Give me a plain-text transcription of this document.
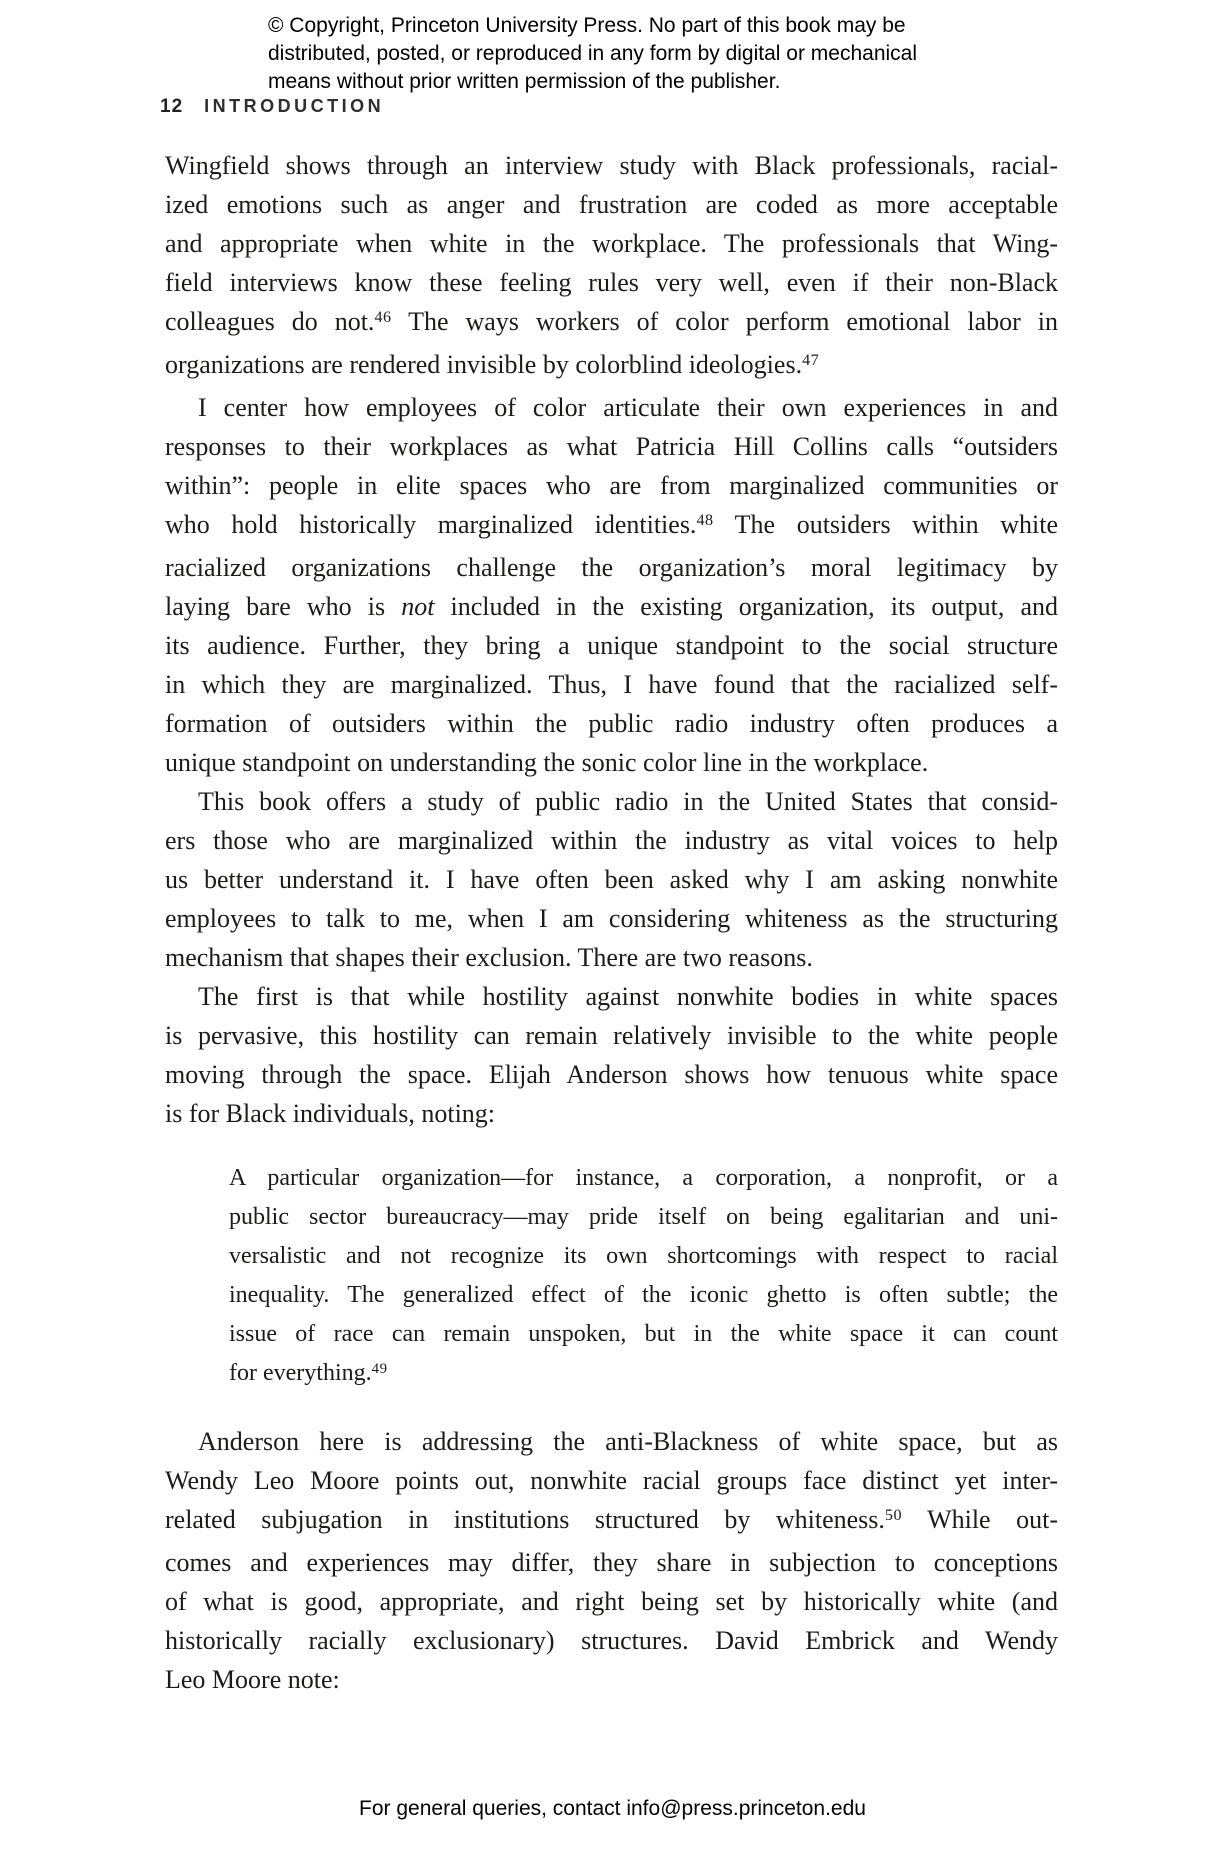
© Copyright, Princeton University Press. No part of this book may be
distributed, posted, or reproduced in any form by digital or mechanical
means without prior written permission of the publisher.
12 INTRODUCTION
Wingfield shows through an interview study with Black professionals, racial-
ized emotions such as anger and frustration are coded as more acceptable
and appropriate when white in the workplace. The professionals that Wing-
field interviews know these feeling rules very well, even if their non-Black
colleagues do not.$^{46}$ The ways workers of color perform emotional labor in
organizations are rendered invisible by colorblind ideologies.$^{47}$
I center how employees of color articulate their own experiences in and
responses to their workplaces as what Patricia Hill Collins calls “outsiders
within”: people in elite spaces who are from marginalized communities or
who hold historically marginalized identities.$^{48}$ The outsiders within white
racialized organizations challenge the organization’s moral legitimacy by
laying bare who is not included in the existing organization, its output, and
its audience. Further, they bring a unique standpoint to the social structure
in which they are marginalized. Thus, I have found that the racialized self-
formation of outsiders within the public radio industry often produces a
unique standpoint on understanding the sonic color line in the workplace.
This book offers a study of public radio in the United States that consid-
ers those who are marginalized within the industry as vital voices to help
us better understand it. I have often been asked why I am asking nonwhite
employees to talk to me, when I am considering whiteness as the structuring
mechanism that shapes their exclusion. There are two reasons.
The first is that while hostility against nonwhite bodies in white spaces
is pervasive, this hostility can remain relatively invisible to the white people
moving through the space. Elijah Anderson shows how tenuous white space
is for Black individuals, noting:
A particular organization—for instance, a corporation, a nonprofit, or a
public sector bureaucracy—may pride itself on being egalitarian and uni-
versalistic and not recognize its own shortcomings with respect to racial
inequality. The generalized effect of the iconic ghetto is often subtle; the
issue of race can remain unspoken, but in the white space it can count
for everything.$^{49}$
Anderson here is addressing the anti-Blackness of white space, but as
Wendy Leo Moore points out, nonwhite racial groups face distinct yet inter-
related subjugation in institutions structured by whiteness.$^{50}$ While out-
comes and experiences may differ, they share in subjection to conceptions
of what is good, appropriate, and right being set by historically white (and
historically racially exclusionary) structures. David Embrick and Wendy
Leo Moore note:
For general queries, contact info@press.princeton.edu
